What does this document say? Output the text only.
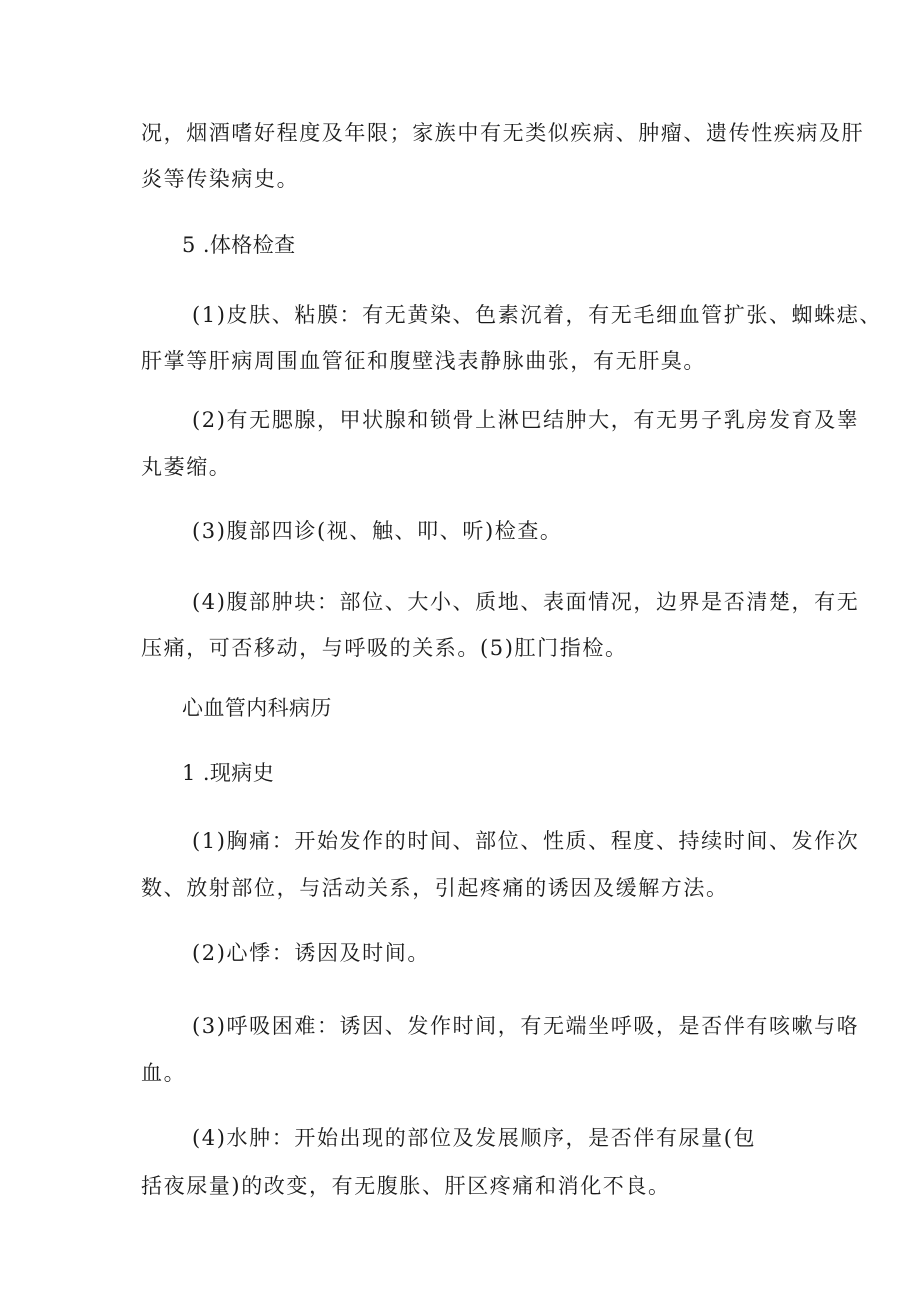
况，烟酒嗜好程度及年限；家族中有无类似疾病、肿瘤、遗传性疾病及肝
炎等传染病史。
5 .体格检查
(1)皮肤、粘膜：有无黄染、色素沉着，有无毛细血管扩张、蜘蛛痣、
肝掌等肝病周围血管征和腹壁浅表静脉曲张，有无肝臭。
(2)有无腮腺，甲状腺和锁骨上淋巴结肿大，有无男子乳房发育及睾
丸萎缩。
(3)腹部四诊(视、触、叩、听)检查。
(4)腹部肿块：部位、大小、质地、表面情况，边界是否清楚，有无
压痛，可否移动，与呼吸的关系。(5)肛门指检。
心血管内科病历
1 .现病史
(1)胸痛：开始发作的时间、部位、性质、程度、持续时间、发作次
数、放射部位，与活动关系，引起疼痛的诱因及缓解方法。
(2)心悸：诱因及时间。
(3)呼吸困难：诱因、发作时间，有无端坐呼吸，是否伴有咳嗽与咯
血。
(4)水肿：开始出现的部位及发展顺序，是否伴有尿量(包
括夜尿量)的改变，有无腹胀、肝区疼痛和消化不良。
